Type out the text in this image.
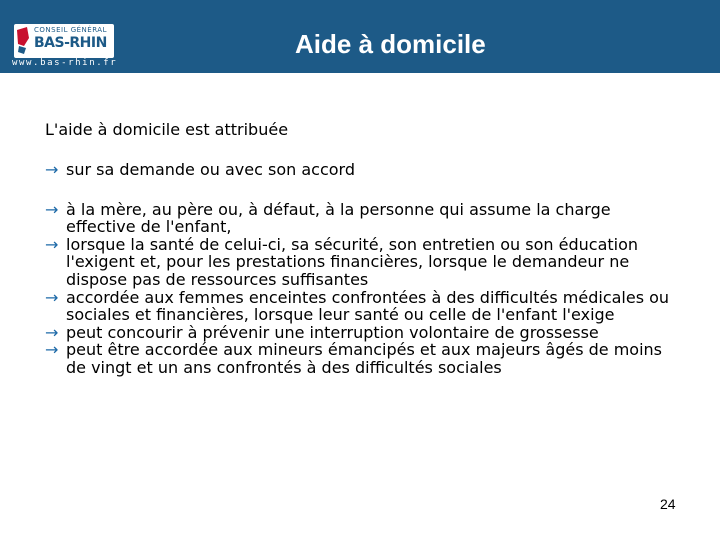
CONSEIL GÉNÉRAL
BAS-RHIN
www.bas-rhin.fr
Aide à domicile
L'aide à domicile est attribuée
→ sur sa demande ou avec son accord
→ à la mère, au père ou, à défaut, à la personne qui assume la charge effective de l'enfant,
→ lorsque la santé de celui-ci, sa sécurité, son entretien ou son éducation l'exigent et, pour les prestations financières, lorsque le demandeur ne dispose pas de ressources suffisantes
→ accordée aux femmes enceintes confrontées à des difficultés médicales ou sociales et financières, lorsque leur santé ou celle de l'enfant l'exige
→ peut concourir à prévenir une interruption volontaire de grossesse
→ peut être accordée aux mineurs émancipés et aux majeurs âgés de moins de vingt et un ans confrontés à des difficultés sociales
24
